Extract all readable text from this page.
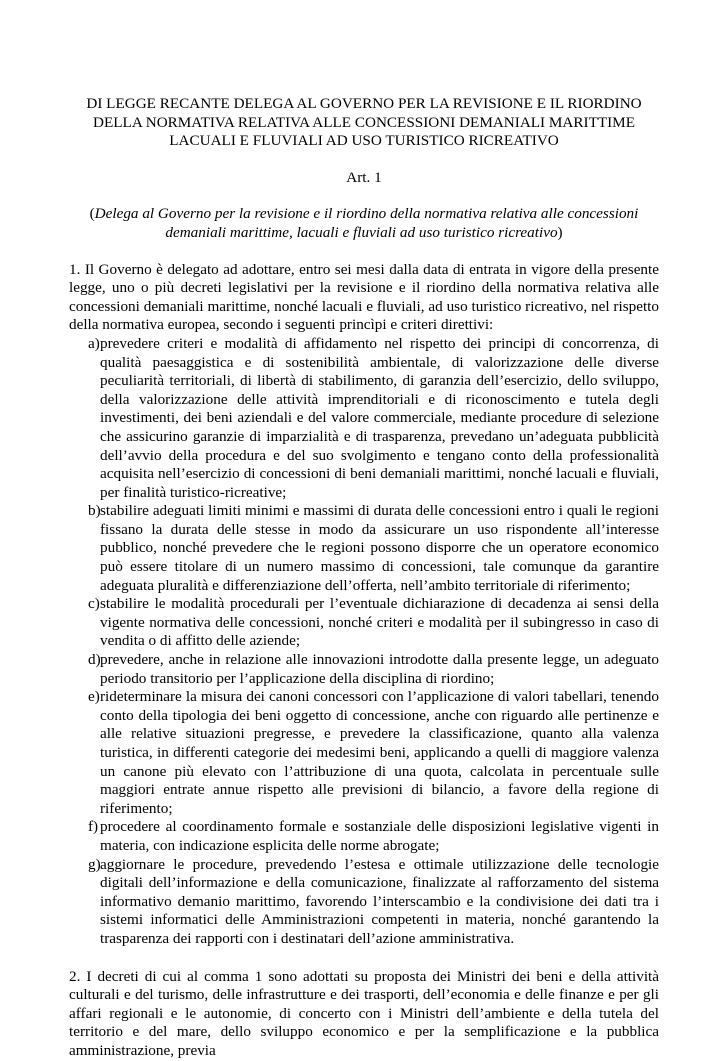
DI LEGGE RECANTE DELEGA AL GOVERNO PER LA REVISIONE E IL RIORDINO DELLA NORMATIVA RELATIVA ALLE CONCESSIONI DEMANIALI MARITTIME LACUALI E FLUVIALI AD USO TURISTICO RICREATIVO

Art. 1
(Delega al Governo per la revisione e il riordino della normativa relativa alle concessioni demaniali marittime, lacuali e fluviali ad uso turistico ricreativo)
1. Il Governo è delegato ad adottare, entro sei mesi dalla data di entrata in vigore della presente legge, uno o più decreti legislativi per la revisione e il riordino della normativa relativa alle concessioni demaniali marittime, nonché lacuali e fluviali, ad uso turistico ricreativo, nel rispetto della normativa europea, secondo i seguenti princìpi e criteri direttivi:
a) prevedere criteri e modalità di affidamento nel rispetto dei principi di concorrenza, di qualità paesaggistica e di sostenibilità ambientale, di valorizzazione delle diverse peculiarità territoriali, di libertà di stabilimento, di garanzia dell’esercizio, dello sviluppo, della valorizzazione delle attività imprenditoriali e di riconoscimento e tutela degli investimenti, dei beni aziendali e del valore commerciale, mediante procedure di selezione che assicurino garanzie di imparzialità e di trasparenza, prevedano un’adeguata pubblicità dell’avvio della procedura e del suo svolgimento e tengano conto della professionalità acquisita nell’esercizio di concessioni di beni demaniali marittimi, nonché lacuali e fluviali, per finalità turistico-ricreative;
b) stabilire adeguati limiti minimi e massimi di durata delle concessioni entro i quali le regioni fissano la durata delle stesse in modo da assicurare un uso rispondente all’interesse pubblico, nonché prevedere che le regioni possono disporre che un operatore economico può essere titolare di un numero massimo di concessioni, tale comunque da garantire adeguata pluralità e differenziazione dell’offerta, nell’ambito territoriale di riferimento;
c) stabilire le modalità procedurali per l’eventuale dichiarazione di decadenza ai sensi della vigente normativa delle concessioni, nonché criteri e modalità per il subingresso in caso di vendita o di affitto delle aziende;
d) prevedere, anche in relazione alle innovazioni introdotte dalla presente legge, un adeguato periodo transitorio per l’applicazione della disciplina di riordino;
e) rideterminare la misura dei canoni concessori con l’applicazione di valori tabellari, tenendo conto della tipologia dei beni oggetto di concessione, anche con riguardo alle pertinenze e alle relative situazioni pregresse, e prevedere la classificazione, quanto alla valenza turistica, in differenti categorie dei medesimi beni, applicando a quelli di maggiore valenza un canone più elevato con l’attribuzione di una quota, calcolata in percentuale sulle maggiori entrate annue rispetto alle previsioni di bilancio, a favore della regione di riferimento;
f) procedere al coordinamento formale e sostanziale delle disposizioni legislative vigenti in materia, con indicazione esplicita delle norme abrogate;
g) aggiornare le procedure, prevedendo l’estesa e ottimale utilizzazione delle tecnologie digitali dell’informazione e della comunicazione, finalizzate al rafforzamento del sistema informativo demanio marittimo, favorendo l’interscambio e la condivisione dei dati tra i sistemi informatici delle Amministrazioni competenti in materia, nonché garantendo la trasparenza dei rapporti con i destinatari dell’azione amministrativa.
2. I decreti di cui al comma 1 sono adottati su proposta dei Ministri dei beni e della attività culturali e del turismo, delle infrastrutture e dei trasporti, dell’economia e delle finanze e per gli affari regionali e le autonomie, di concerto con i Ministri dell’ambiente e della tutela del territorio e del mare, dello sviluppo economico e per la semplificazione e la pubblica amministrazione, previa
